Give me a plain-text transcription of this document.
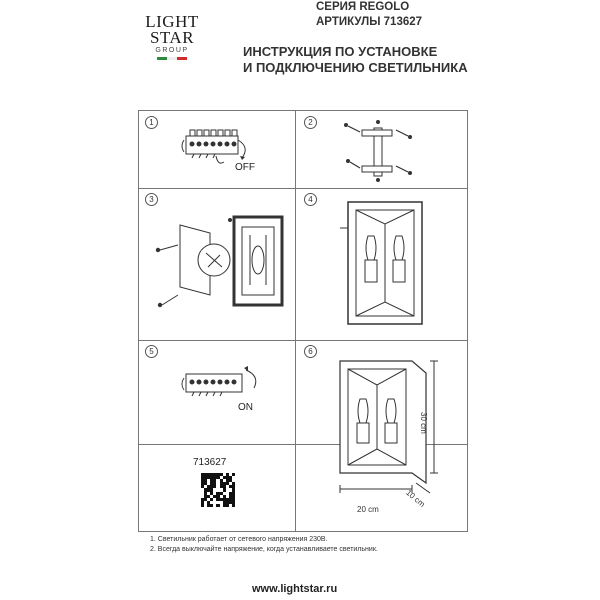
LIGHT
STAR
GROUP
СЕРИЯ REGOLO
АРТИКУЛЫ 713627
ИНСТРУКЦИЯ ПО УСТАНОВКЕ
И ПОДКЛЮЧЕНИЮ СВЕТИЛЬНИКА
1	2
3	4
5	6
OFF
ON
30 cm
20 cm
10 cm
713627
1. Светильник работает от сетевого напряжения 230В.
2. Всегда выключайте напряжение, когда устанавливаете светильник.
www.lightstar.ru
